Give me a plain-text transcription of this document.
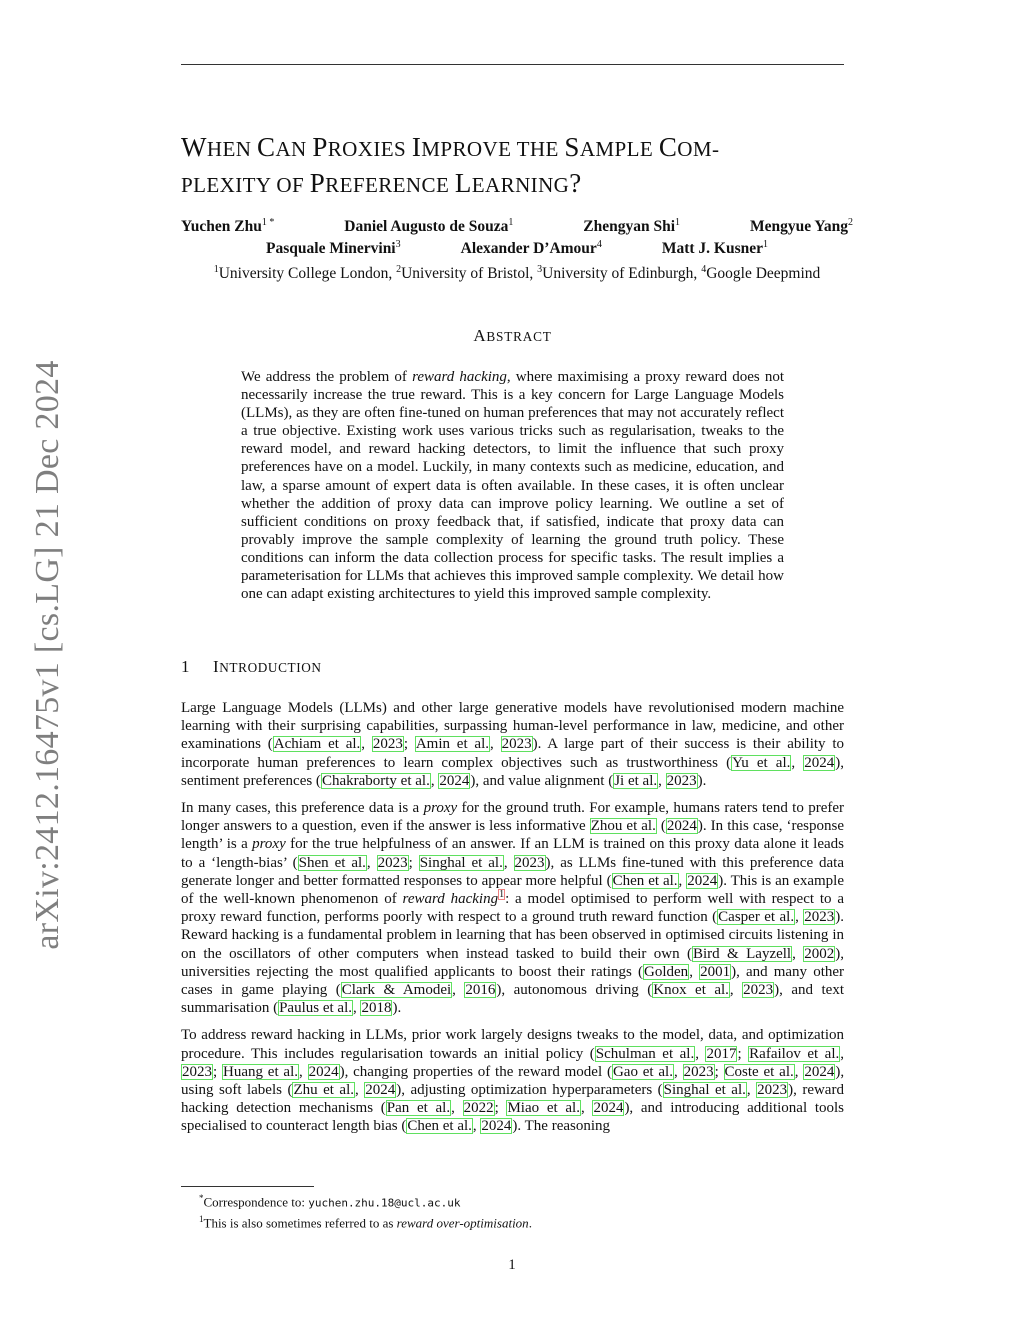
arXiv:2412.16475v1 [cs.LG] 21 Dec 2024
WHEN CAN PROXIES IMPROVE THE SAMPLE COM-
PLEXITY OF PREFERENCE LEARNING?
Yuchen Zhu$^{1 *}$	Daniel Augusto de Souza$^1$	Zhengyan Shi$^1$	Mengyue Yang$^2$
Pasquale Minervini$^3$	Alexander D’Amour$^4$	Matt J. Kusner$^1$
$^1$University College London, $^2$University of Bristol, $^3$University of Edinburgh, $^4$Google Deepmind
ABSTRACT

We address the problem of reward hacking, where maximising a proxy reward does not necessarily increase the true reward. This is a key concern for Large Language Models (LLMs), as they are often fine-tuned on human preferences that may not accurately reflect a true objective. Existing work uses various tricks such as regularisation, tweaks to the reward model, and reward hacking detectors, to limit the influence that such proxy preferences have on a model. Luckily, in many contexts such as medicine, education, and law, a sparse amount of expert data is often available. In these cases, it is often unclear whether the addition of proxy data can improve policy learning. We outline a set of sufficient conditions on proxy feedback that, if satisfied, indicate that proxy data can provably improve the sample complexity of learning the ground truth policy. These conditions can inform the data collection process for specific tasks. The result implies a parameterisation for LLMs that achieves this improved sample complexity. We detail how one can adapt existing architectures to yield this improved sample complexity.

1 INTRODUCTION

Large Language Models (LLMs) and other large generative models have revolutionised modern machine learning with their surprising capabilities, surpassing human-level performance in law, medicine, and other examinations (Achiam et al., 2023; Amin et al., 2023). A large part of their success is their ability to incorporate human preferences to learn complex objectives such as trustworthiness (Yu et al., 2024), sentiment preferences (Chakraborty et al., 2024), and value alignment (Ji et al., 2023).

In many cases, this preference data is a proxy for the ground truth. For example, humans raters tend to prefer longer answers to a question, even if the answer is less informative Zhou et al. (2024). In this case, ‘response length’ is a proxy for the true helpfulness of an answer. If an LLM is trained on this proxy data alone it leads to a ‘length-bias’ (Shen et al., 2023; Singhal et al., 2023), as LLMs fine-tuned with this preference data generate longer and better formatted responses to appear more helpful (Chen et al., 2024). This is an example of the well-known phenomenon of reward hacking$^1$: a model optimised to perform well with respect to a proxy reward function, performs poorly with respect to a ground truth reward function (Casper et al., 2023). Reward hacking is a fundamental problem in learning that has been observed in optimised circuits listening in on the oscillators of other computers when instead tasked to build their own (Bird & Layzell, 2002), universities rejecting the most qualified applicants to boost their ratings (Golden, 2001), and many other cases in game playing (Clark & Amodei, 2016), autonomous driving (Knox et al., 2023), and text summarisation (Paulus et al., 2018).

To address reward hacking in LLMs, prior work largely designs tweaks to the model, data, and optimization procedure. This includes regularisation towards an initial policy (Schulman et al., 2017; Rafailov et al., 2023; Huang et al., 2024), changing properties of the reward model (Gao et al., 2023; Coste et al., 2024), using soft labels (Zhu et al., 2024), adjusting optimization hyperparameters (Singhal et al., 2023), reward hacking detection mechanisms (Pan et al., 2022; Miao et al., 2024), and introducing additional tools specialised to counteract length bias (Chen et al., 2024). The reasoning

*Correspondence to: yuchen.zhu.18@ucl.ac.uk
$^1$This is also sometimes referred to as reward over-optimisation.
1
